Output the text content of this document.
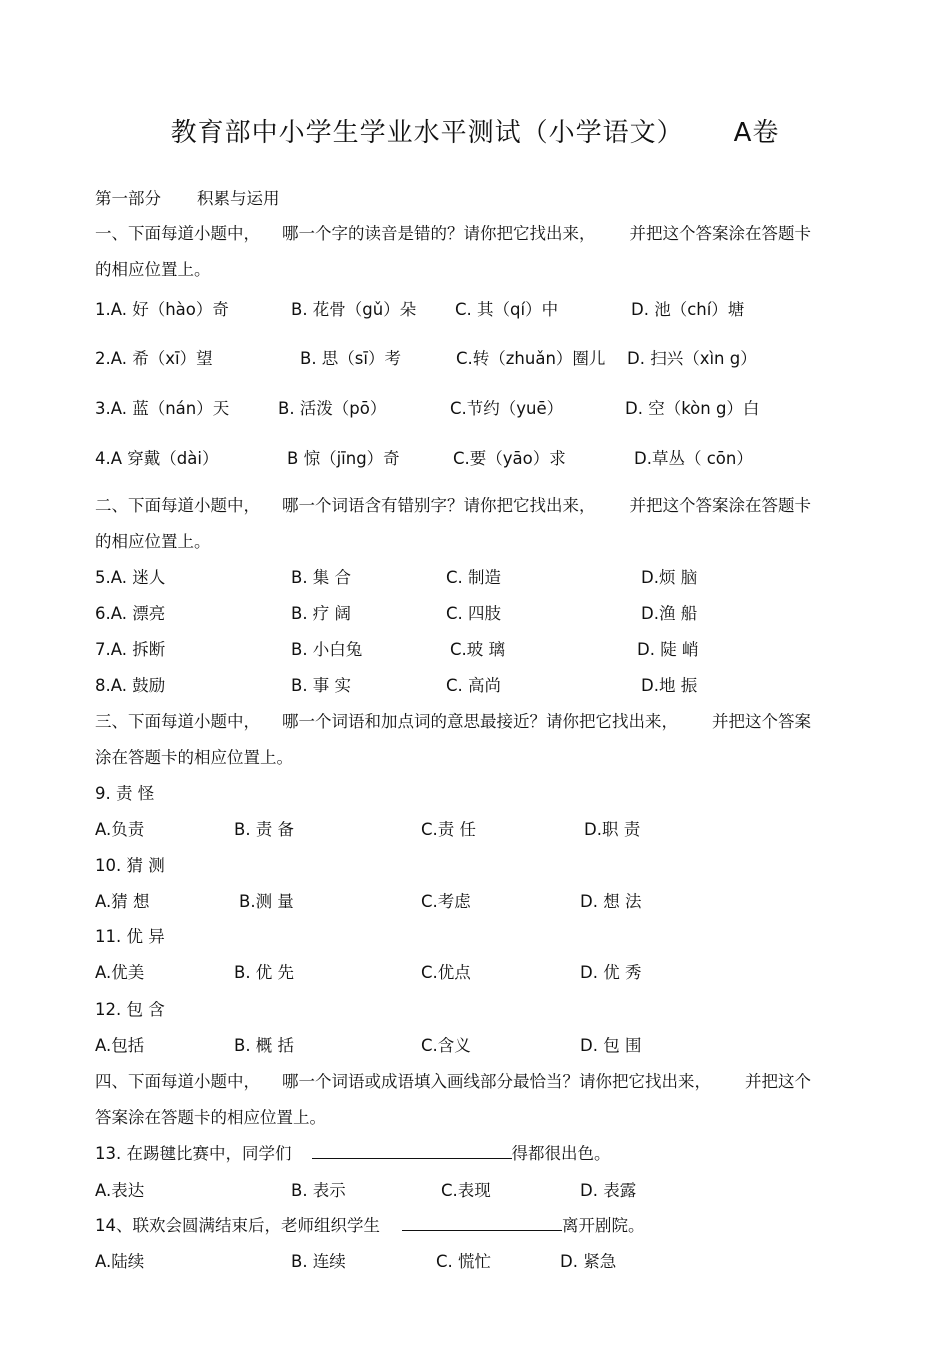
教育部中小学生学业水平测试（小学语文） A卷
第一部分 积累与运用
一、下面每道小题中， 哪一个字的读音是错的？请你把它找出来， 并把这个答案涂在答题卡
的相应位置上。
1.A. 好（hào）奇	B. 花骨（gǔ）朵 C. 其（qí）中	D. 池（chí）塘
2.A. 希（xī）望	B. 思（sī）考	C.转（zhuǎn）圈儿 D. 扫兴（xìn g）
3.A. 蓝（nán）天	B. 活泼（pō）	C.节约（yuē）	D. 空（kòn g）白
4.A 穿戴（dài）	B 惊（jīng）奇	C.要（yāo）求	D.草丛（ cōn）
二、下面每道小题中， 哪一个词语含有错别字？请你把它找出来， 并把这个答案涂在答题卡
的相应位置上。
5.A. 迷人	B. 集 合	C. 制造	D.烦 脑
6.A. 漂亮	B. 疗 阔	C. 四肢	D.渔 船
7.A. 拆断	B. 小白兔	C.玻 璃	D. 陡 峭
8.A. 鼓励	B. 事 实	C. 高尚	D.地 振
三、下面每道小题中， 哪一个词语和加点词的意思最接近？请你把它找出来， 并把这个答案
涂在答题卡的相应位置上。
9. 责 怪
A.负责	B. 责 备	C.责 任	D.职 责
10. 猜 测
A.猜 想	B.测 量	C.考虑	D. 想 法
11. 优 异
A.优美	B. 优 先	C.优点	D. 优 秀
12. 包 含
A.包括	B. 概 括	C.含义	D. 包 围
四、下面每道小题中， 哪一个词语或成语填入画线部分最恰当？请你把它找出来， 并把这个
答案涂在答题卡的相应位置上。
13. 在踢毽比赛中，同学们	得都很出色。
A.表达	B. 表示	C.表现	D. 表露
14、联欢会圆满结束后，老师组织学生	离开剧院。
A.陆续	B. 连续	C. 慌忙	D. 紧急
